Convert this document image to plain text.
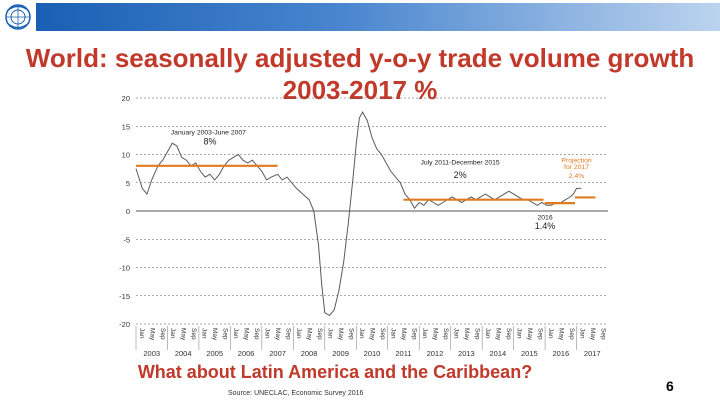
World: seasonally adjusted y-o-y trade volume growth 2003-2017 %
20
15
10
5
0
-5
-10
-15
-20
Jan May Sep
2003
Jan May Sep
2004
Jan May Sep
2005
Jan May Sep
2006
Jan May Sep
2007
Jan May Sep
2008
Jan May Sep
2009
Jan May Sep
2010
Jan May Sep
2011
Jan May Sep
2012
Jan May Sep
2013
Jan May Sep
2014
Jan May Sep
2015
Jan May Sep
2016
Jan May Sep
2017
January 2003-June 2007
8%
July 2011-December 2015
2%
Projection
for 2017
2.4%
2016
1.4%
What about Latin America and the Caribbean?
Source: UNECLAC, Economic Survey 2016	6
